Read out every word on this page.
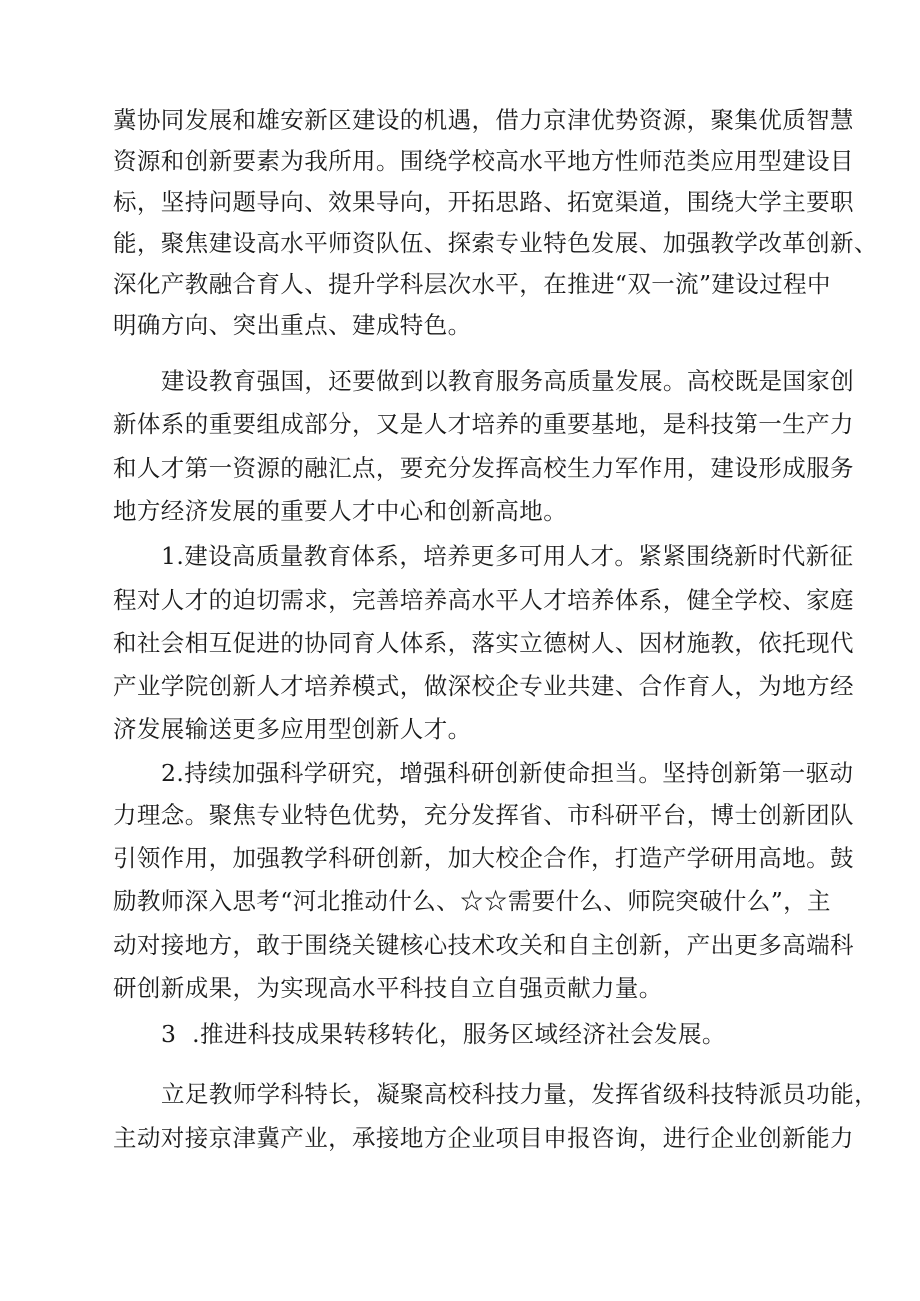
冀协同发展和雄安新区建设的机遇，借力京津优势资源，聚集优质智慧
资源和创新要素为我所用。围绕学校高水平地方性师范类应用型建设目
标，坚持问题导向、效果导向，开拓思路、拓宽渠道，围绕大学主要职
能，聚焦建设高水平师资队伍、探索专业特色发展、加强教学改革创新、
深化产教融合育人、提升学科层次水平，在推进“双一流”建设过程中
明确方向、突出重点、建成特色。
建设教育强国，还要做到以教育服务高质量发展。高校既是国家创
新体系的重要组成部分，又是人才培养的重要基地，是科技第一生产力
和人才第一资源的融汇点，要充分发挥高校生力军作用，建设形成服务
地方经济发展的重要人才中心和创新高地。
1.建设高质量教育体系，培养更多可用人才。紧紧围绕新时代新征
程对人才的迫切需求，完善培养高水平人才培养体系，健全学校、家庭
和社会相互促进的协同育人体系，落实立德树人、因材施教，依托现代
产业学院创新人才培养模式，做深校企专业共建、合作育人，为地方经
济发展输送更多应用型创新人才。
2.持续加强科学研究，增强科研创新使命担当。坚持创新第一驱动
力理念。聚焦专业特色优势，充分发挥省、市科研平台，博士创新团队
引领作用，加强教学科研创新，加大校企合作，打造产学研用高地。鼓
励教师深入思考“河北推动什么、☆☆需要什么、师院突破什么”，主
动对接地方，敢于围绕关键核心技术攻关和自主创新，产出更多高端科
研创新成果，为实现高水平科技自立自强贡献力量。
3  .推进科技成果转移转化，服务区域经济社会发展。
立足教师学科特长，凝聚高校科技力量，发挥省级科技特派员功能，
主动对接京津冀产业，承接地方企业项目申报咨询，进行企业创新能力
